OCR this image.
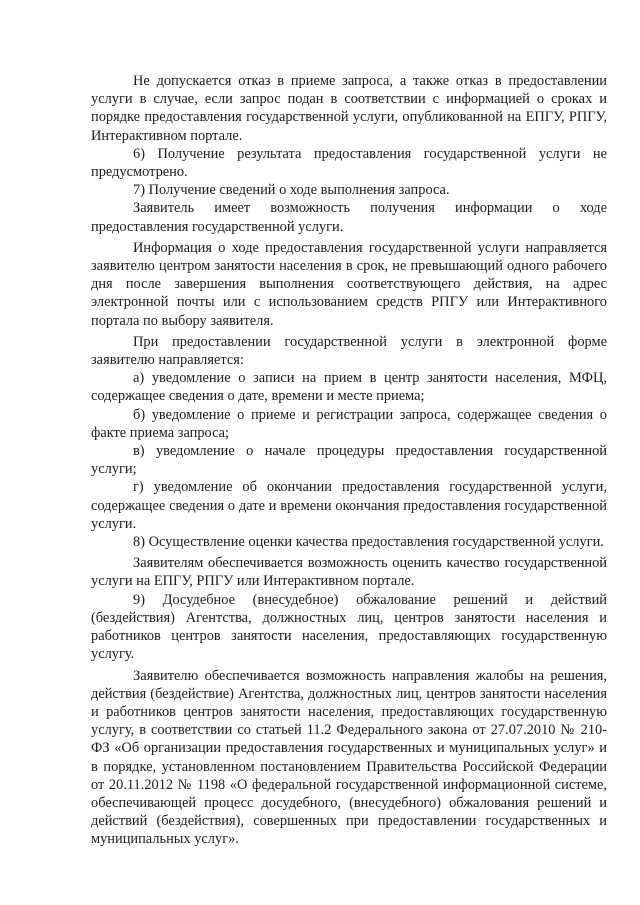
Не допускается отказ в приеме запроса, а также отказ в предоставлении услуги в случае, если запрос подан в соответствии с информацией о сроках и порядке предоставления государственной услуги, опубликованной на ЕПГУ, РПГУ, Интерактивном портале.

6) Получение результата предоставления государственной услуги не предусмотрено.

7) Получение сведений о ходе выполнения запроса.

Заявитель имеет возможность получения информации о ходе предоставления государственной услуги.

Информация о ходе предоставления государственной услуги направляется заявителю центром занятости населения в срок, не превышающий одного рабочего дня после завершения выполнения соответствующего действия, на адрес электронной почты или с использованием средств РПГУ или Интерактивного портала по выбору заявителя.

При предоставлении государственной услуги в электронной форме заявителю направляется:

а) уведомление о записи на прием в центр занятости населения, МФЦ, содержащее сведения о дате, времени и месте приема;

б) уведомление о приеме и регистрации запроса, содержащее сведения о факте приема запроса;

в) уведомление о начале процедуры предоставления государственной услуги;

г) уведомление об окончании предоставления государственной услуги, содержащее сведения о дате и времени окончания предоставления государственной услуги.

8) Осуществление оценки качества предоставления государственной услуги.

Заявителям обеспечивается возможность оценить качество государственной услуги на ЕПГУ, РПГУ или Интерактивном портале.

9) Досудебное (внесудебное) обжалование решений и действий (бездействия) Агентства, должностных лиц, центров занятости населения и работников центров занятости населения, предоставляющих государственную услугу.

Заявителю обеспечивается возможность направления жалобы на решения, действия (бездействие) Агентства, должностных лиц, центров занятости населения и работников центров занятости населения, предоставляющих государственную услугу, в соответствии со статьей 11.2 Федерального закона от 27.07.2010 № 210-ФЗ «Об организации предоставления государственных и муниципальных услуг» и в порядке, установленном постановлением Правительства Российской Федерации от 20.11.2012 № 1198 «О федеральной государственной информационной системе, обеспечивающей процесс досудебного, (внесудебного) обжалования решений и действий (бездействия), совершенных при предоставлении государственных и муниципальных услуг».
